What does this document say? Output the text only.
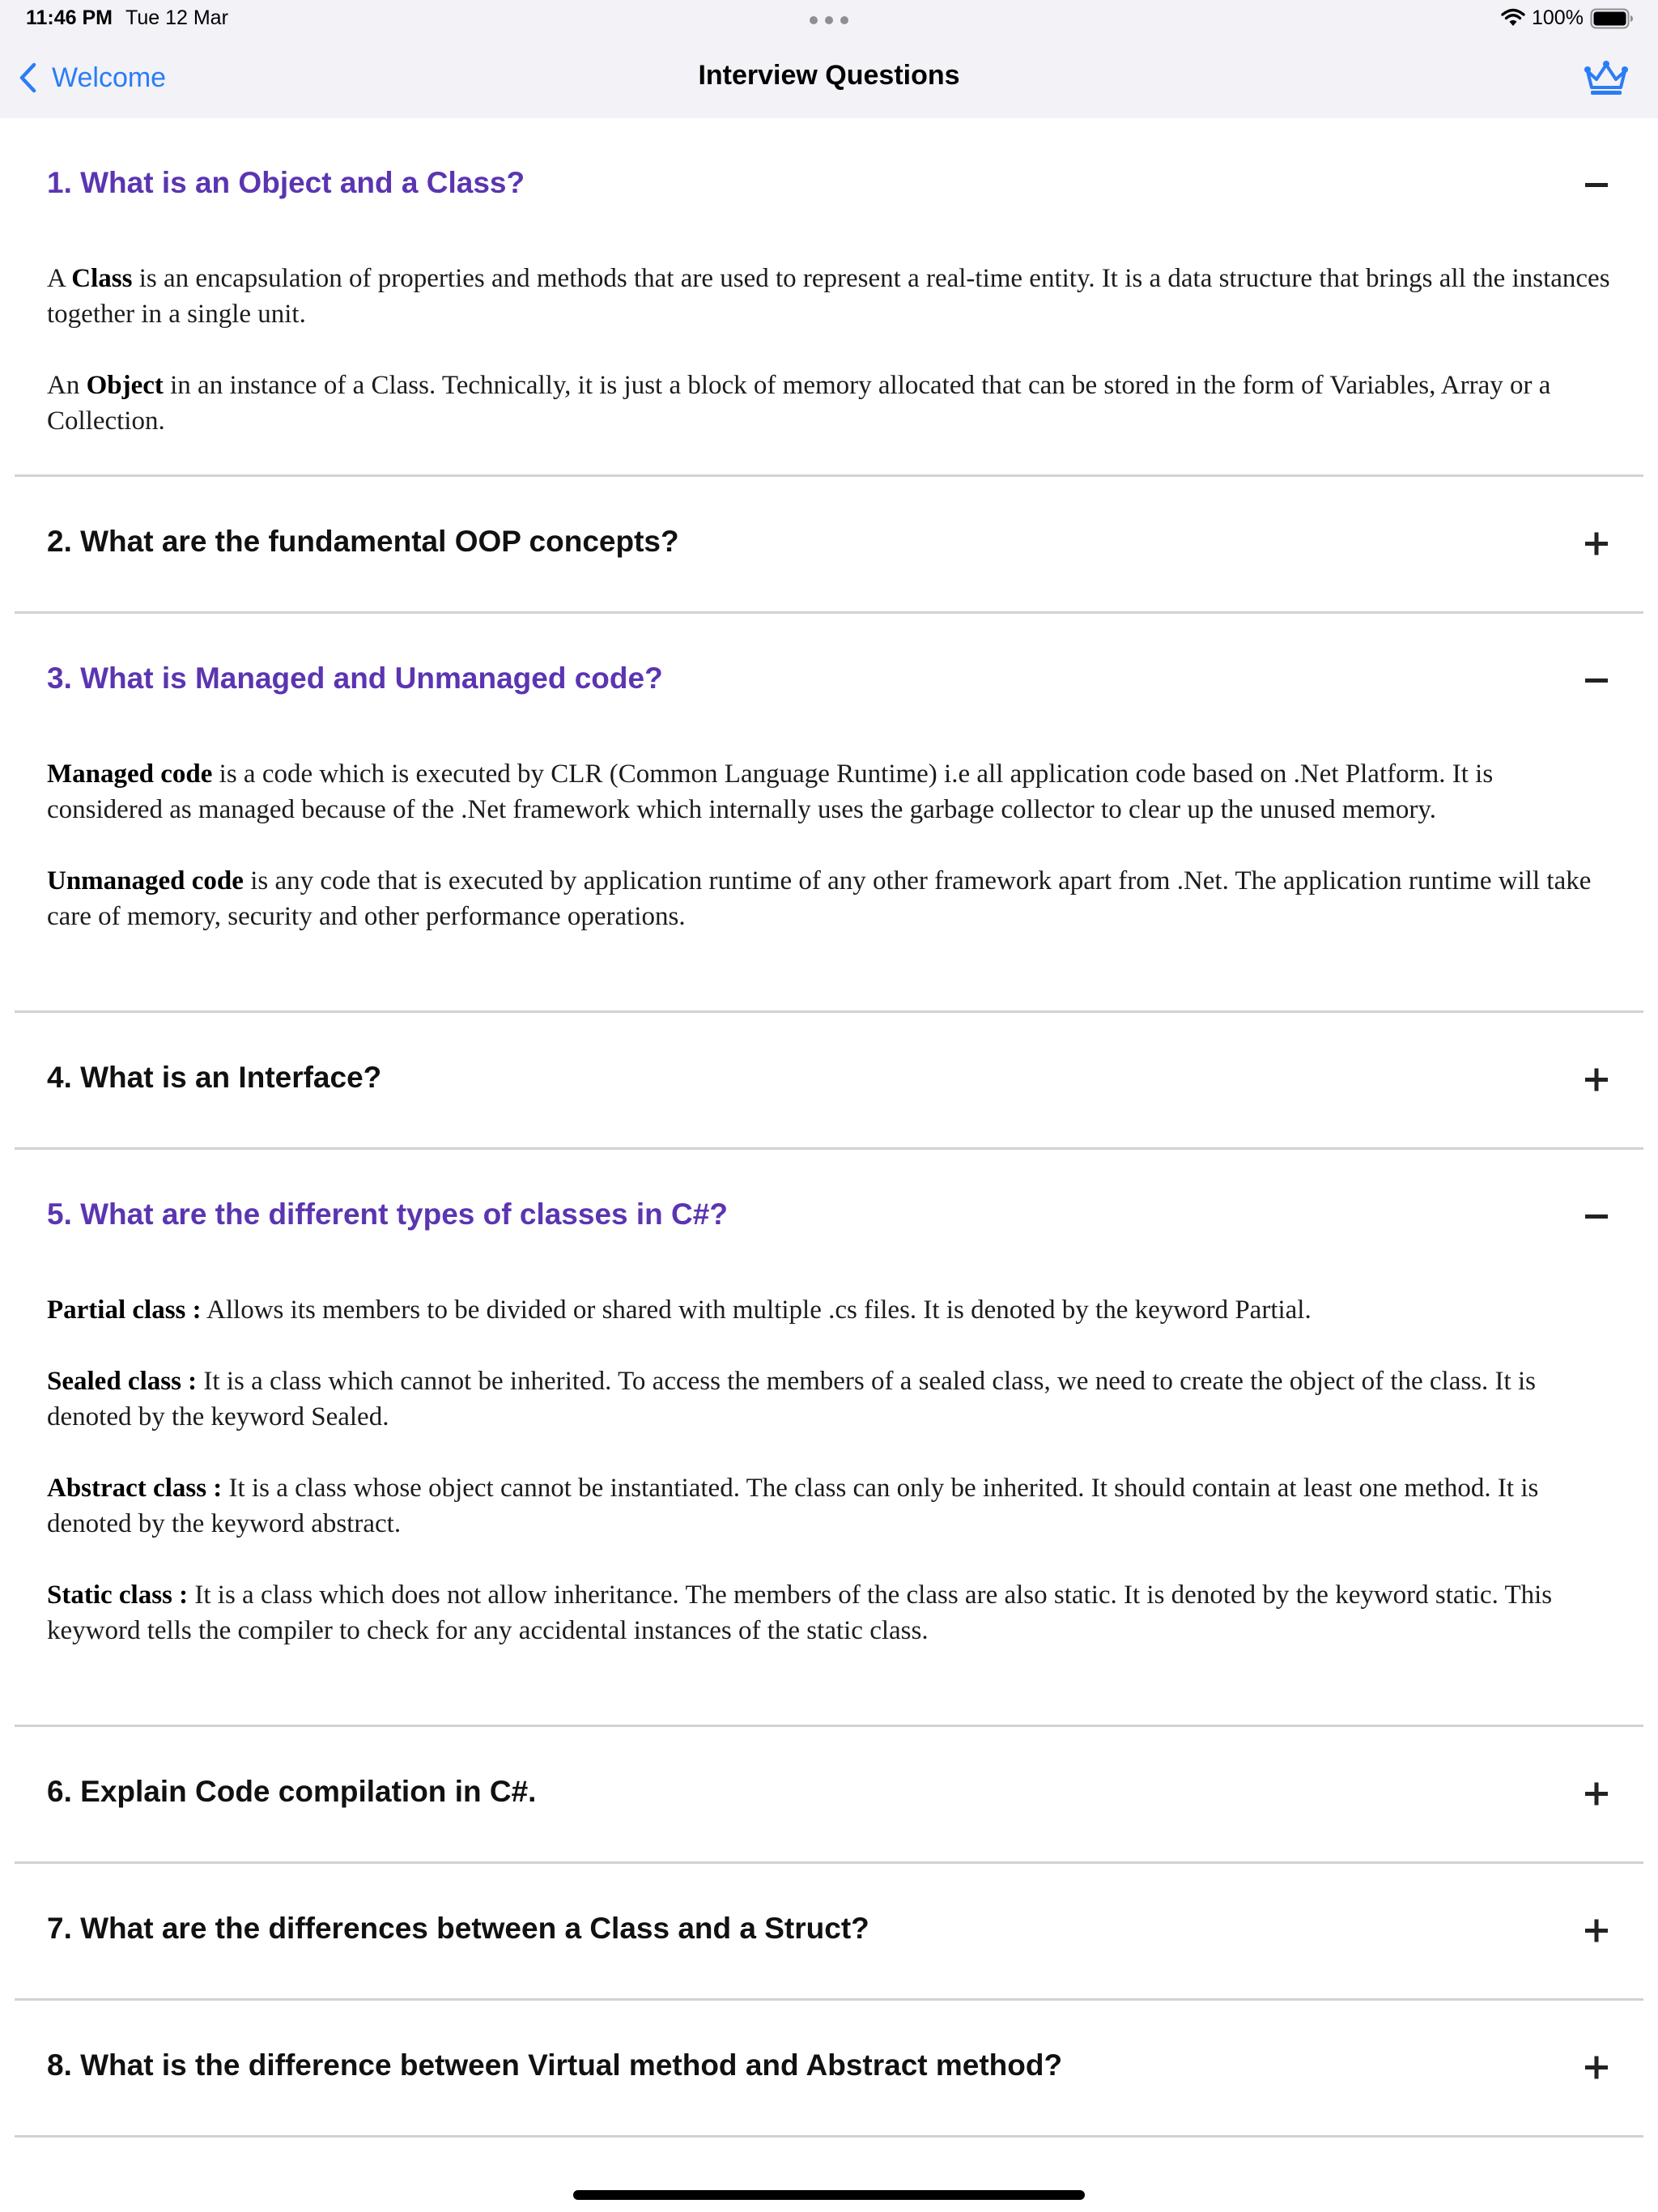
11:46 PM Tue 12 Mar	100%
Welcome	Interview Questions
1. What is an Object and a Class?

A Class is an encapsulation of properties and methods that are used to represent a real-time entity. It is a data structure that brings all the instances together in a single unit.

An Object in an instance of a Class. Technically, it is just a block of memory allocated that can be stored in the form of Variables, Array or a Collection.

2. What are the fundamental OOP concepts?
3. What is Managed and Unmanaged code?

Managed code is a code which is executed by CLR (Common Language Runtime) i.e all application code based on .Net Platform. It is considered as managed because of the .Net framework which internally uses the garbage collector to clear up the unused memory.

Unmanaged code is any code that is executed by application runtime of any other framework apart from .Net. The application runtime will take care of memory, security and other performance operations.

4. What is an Interface?
5. What are the different types of classes in C#?

Partial class : Allows its members to be divided or shared with multiple .cs files. It is denoted by the keyword Partial.

Sealed class : It is a class which cannot be inherited. To access the members of a sealed class, we need to create the object of the class. It is denoted by the keyword Sealed.

Abstract class : It is a class whose object cannot be instantiated. The class can only be inherited. It should contain at least one method. It is denoted by the keyword abstract.

Static class : It is a class which does not allow inheritance. The members of the class are also static. It is denoted by the keyword static. This keyword tells the compiler to check for any accidental instances of the static class.

6. Explain Code compilation in C#.
7. What are the differences between a Class and a Struct?
8. What is the difference between Virtual method and Abstract method?
